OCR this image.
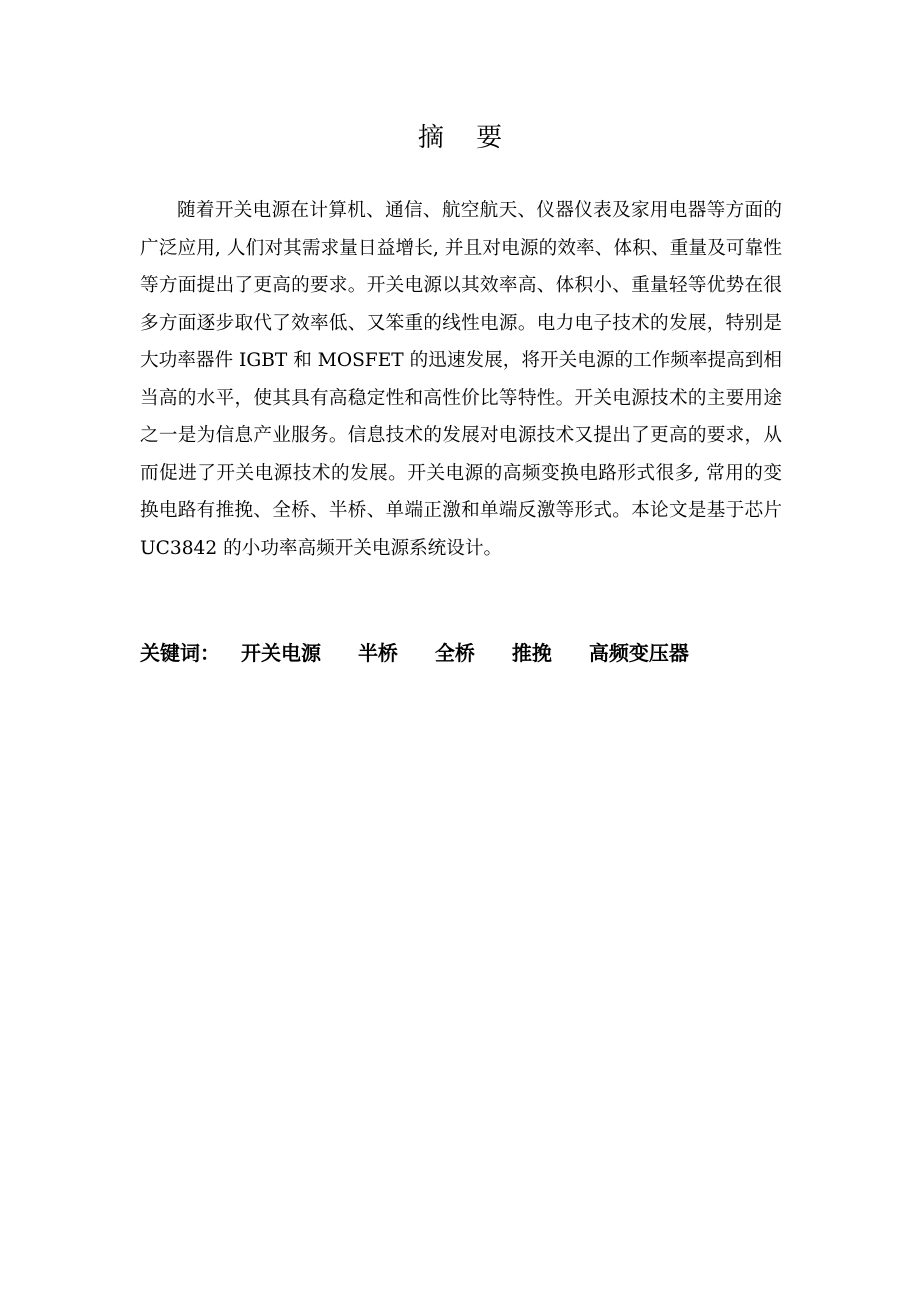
摘 要

随着开关电源在计算机、通信、航空航天、仪器仪表及家用电器等方面的广泛应用, 人们对其需求量日益增长, 并且对电源的效率、体积、重量及可靠性等方面提出了更高的要求。开关电源以其效率高、体积小、重量轻等优势在很多方面逐步取代了效率低、又笨重的线性电源。电力电子技术的发展，特别是大功率器件 IGBT 和 MOSFET 的迅速发展，将开关电源的工作频率提高到相当高的水平，使其具有高稳定性和高性价比等特性。开关电源技术的主要用途之一是为信息产业服务。信息技术的发展对电源技术又提出了更高的要求，从而促进了开关电源技术的发展。开关电源的高频变换电路形式很多, 常用的变换电路有推挽、全桥、半桥、单端正激和单端反激等形式。本论文是基于芯片 UC3842 的小功率高频开关电源系统设计。

关键词： 开关电源 半桥 全桥 推挽 高频变压器
